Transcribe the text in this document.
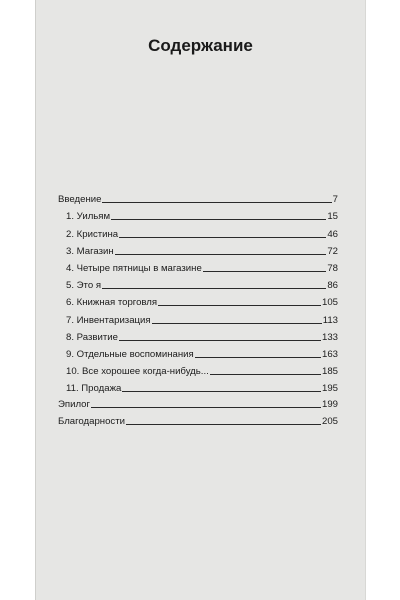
Содержание
Введение	7
1. Уильям	15
2. Кристина	46
3. Магазин	72
4. Четыре пятницы в магазине	78
5. Это я	86
6. Книжная торговля	105
7. Инвентаризация	113
8. Развитие	133
9. Отдельные воспоминания	163
10. Все хорошее когда-нибудь...	185
11. Продажа	195
Эпилог	199
Благодарности	205
